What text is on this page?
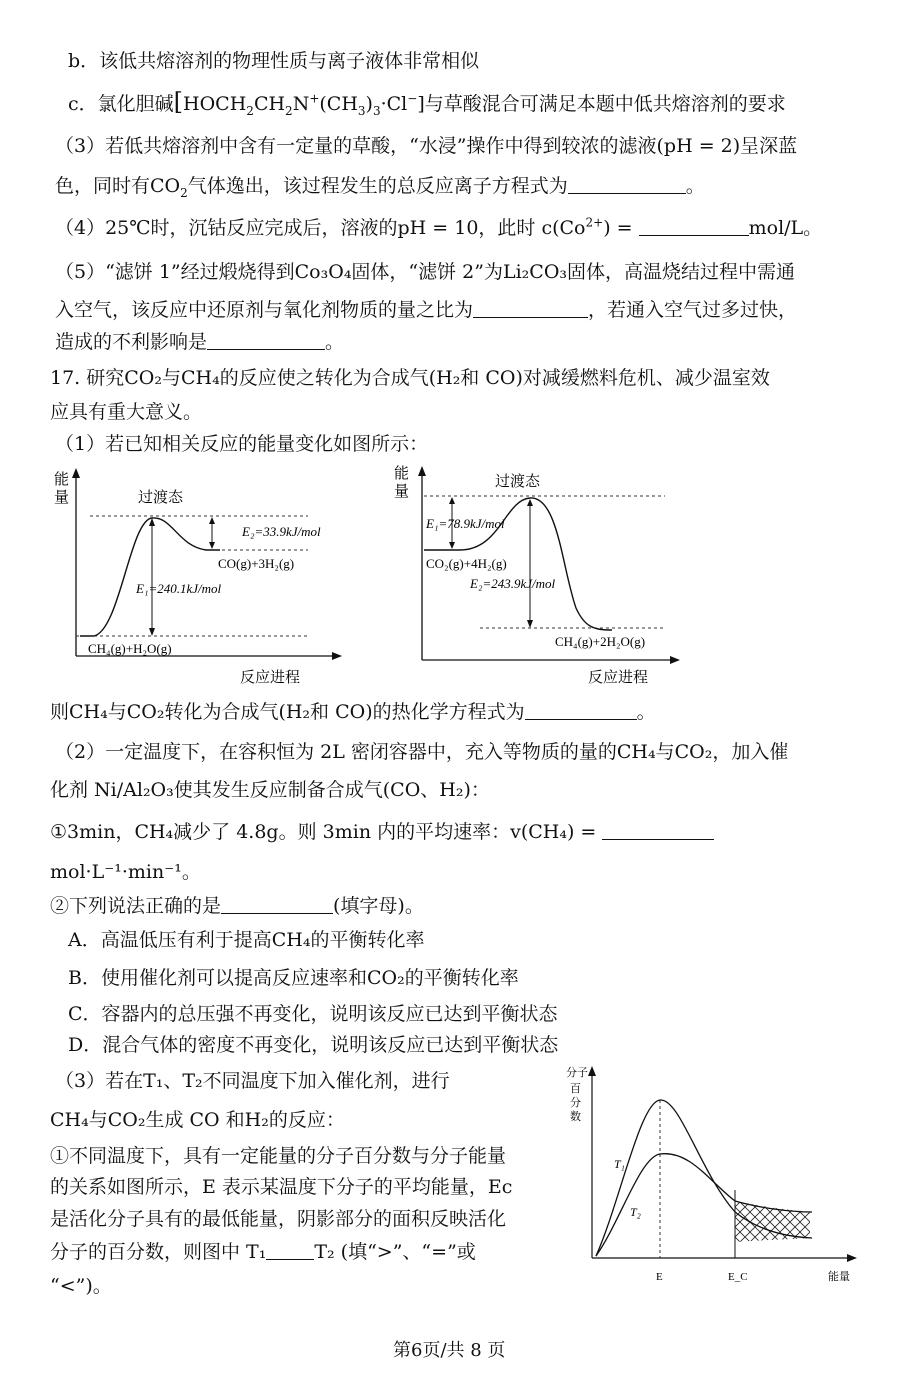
b．该低共熔溶剂的物理性质与离子液体非常相似
c．氯化胆碱$[HOCH_2CH_2N^+(CH_3)_3\cdot Cl^-]$与草酸混合可满足本题中低共熔溶剂的要求
（3）若低共熔溶剂中含有一定量的草酸，“水浸”操作中得到较浓的滤液(pH = 2)呈深蓝
色，同时有$CO_2$气体逸出，该过程发生的总反应离子方程式为	。
（4）25℃时，沉钴反应完成后，溶液的pH = 10，此时 $c(Co^{2+})$ =	mol/L。
（5）“滤饼 1”经过煅烧得到Co₃O₄固体，“滤饼 2”为Li₂CO₃固体，高温烧结过程中需通
入空气，该反应中还原剂与氧化剂物质的量之比为	，若通入空气过多过快，
造成的不利影响是	。
17. 研究CO₂与CH₄的反应使之转化为合成气(H₂和 CO)对减缓燃料危机、减少温室效
应具有重大意义。
（1）若已知相关反应的能量变化如图所示：
能
量	过渡态
E₂=33.9kJ/mol
CO(g)+3H₂(g)
E₁=240.1kJ/mol
CH₄(g)+H₂O(g)
反应进程
能
量
过渡态
E₁=78.9kJ/mol
CO₂(g)+4H₂(g)
E₂=243.9kJ/mol
CH₄(g)+2H₂O(g)
反应进程
则CH₄与CO₂转化为合成气(H₂和 CO)的热化学方程式为	。
（2）一定温度下，在容积恒为 2L 密闭容器中，充入等物质的量的CH₄与CO₂，加入催
化剂 Ni/Al₂O₃使其发生反应制备合成气(CO、H₂)：
①3min，CH₄减少了 4.8g。则 3min 内的平均速率：v(CH₄) =
mol·L⁻¹·min⁻¹。
②下列说法正确的是	(填字母)。
A．高温低压有利于提高CH₄的平衡转化率
B．使用催化剂可以提高反应速率和CO₂的平衡转化率
C．容器内的总压强不再变化，说明该反应已达到平衡状态
D．混合气体的密度不再变化，说明该反应已达到平衡状态
（3）若在T₁、T₂不同温度下加入催化剂，进行
CH₄与CO₂生成 CO 和H₂的反应：
①不同温度下，具有一定能量的分子百分数与分子能量
的关系如图所示，E 表示某温度下分子的平均能量，Ec
是活化分子具有的最低能量，阴影部分的面积反映活化
分子的百分数，则图中 T₁	T₂ (填“>”、“=”或
“<”)。
分子
百
分
数
T₁
T₂
E	E_C	能量
第6页/共 8 页
